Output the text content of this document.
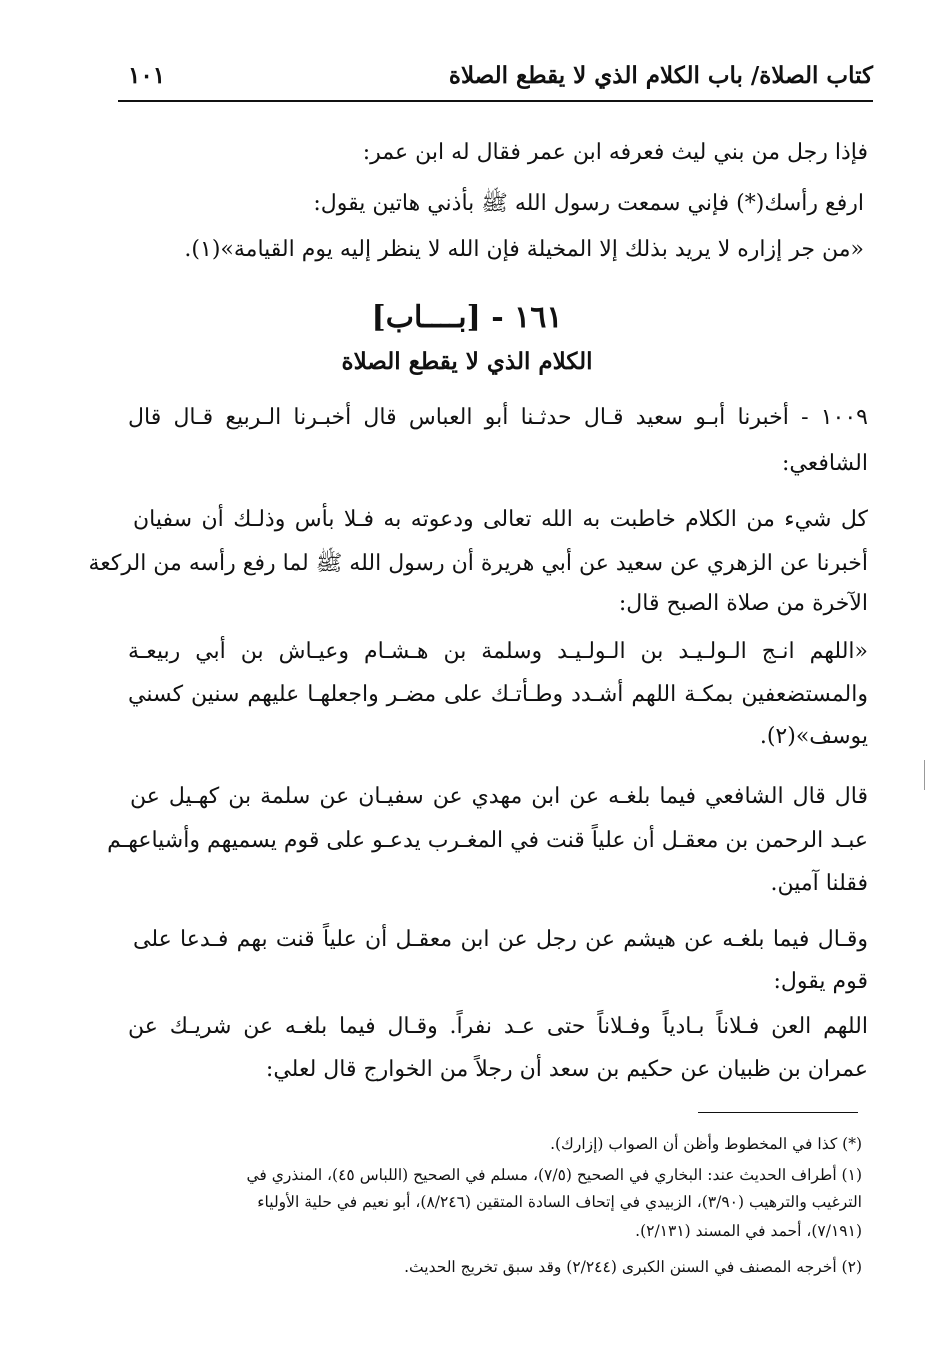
كتاب الصلاة/ باب الكلام الذي لا يقطع الصلاة
١٠١
فإذا رجل من بني ليث فعرفه ابن عمر فقال له ابن عمر:
ارفع رأسك(*) فإني سمعت رسول الله ﷺ بأذني هاتين يقول:
«من جر إزاره لا يريد بذلك إلا المخيلة فإن الله لا ينظر إليه يوم القيامة»(١).
١٦١ - [بــــاب]
الكلام الذي لا يقطع الصلاة
١٠٠٩ - أخبرنا أبـو سعيد قـال حدثـنا أبو العباس قال أخبـرنا الـربيع قـال قال
الشافعي:
كل شيء من الكلام خاطبت به الله تعالى ودعوته به فـلا بأس وذلـك أن سفيان
أخبرنا عن الزهري عن سعيد عن أبي هريرة أن رسول الله ﷺ لما رفع رأسه من الركعة
الآخرة من صلاة الصبح قال:
«اللهم انـج الـولـيـد بن الـولـيـد وسلمة بن هـشـام وعيـاش بن أبي ربيعـة
والمستضعفين بمكـة اللهم أشـدد وطـأتـك على مضـر واجعلهـا عليهم سنين كسني
يوسف»(٢).
قال قال الشافعي فيما بلغـه عن ابن مهدي عن سفيـان عن سلمة بن كهـيل عن
عبـد الرحمن بن معقـل أن علياً قنت في المغـرب يدعـو على قوم يسميهم وأشياعهـم
فقلنا آمين.
وقـال فيما بلغـه عن هيشم عن رجل عن ابن معقـل أن علياً قنت بهم فـدعا على
قوم يقول:
اللهم العن فـلاناً بـادياً وفـلاناً حتى عـد نفراً. وقـال فيما بلغـه عن شريـك عن
عمران بن ظبيان عن حكيم بن سعد أن رجلاً من الخوارج قال لعلي:
(*) كذا في المخطوط وأظن أن الصواب (إزارك).
(١) أطراف الحديث عند: البخاري في الصحيح (٧/٥)، مسلم في الصحيح (اللباس ٤٥)، المنذري في
الترغيب والترهيب (٣/٩٠)، الزبيدي في إتحاف السادة المتقين (٨/٢٤٦)، أبو نعيم في حلية الأولياء
(٧/١٩١)، أحمد في المسند (٢/١٣١).
(٢) أخرجه المصنف في السنن الكبرى (٢/٢٤٤) وقد سبق تخريج الحديث.
